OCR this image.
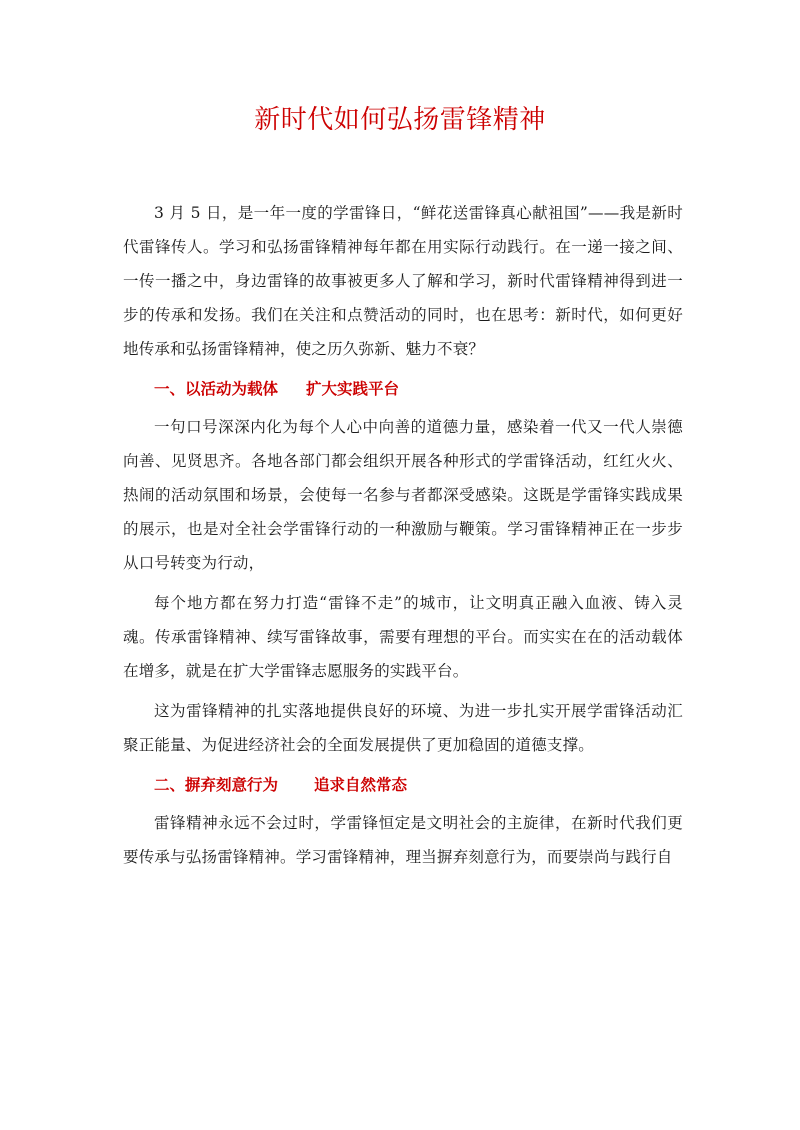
新时代如何弘扬雷锋精神

3 月 5 日，是一年一度的学雷锋日，“鲜花送雷锋真心献祖国”——我是新时代雷锋传人。学习和弘扬雷锋精神每年都在用实际行动践行。在一递一接之间、一传一播之中，身边雷锋的故事被更多人了解和学习，新时代雷锋精神得到进一步的传承和发扬。我们在关注和点赞活动的同时，也在思考：新时代，如何更好地传承和弘扬雷锋精神，使之历久弥新、魅力不衰？

一、以活动为载体 扩大实践平台

一句口号深深内化为每个人心中向善的道德力量，感染着一代又一代人崇德向善、见贤思齐。各地各部门都会组织开展各种形式的学雷锋活动，红红火火、热闹的活动氛围和场景，会使每一名参与者都深受感染。这既是学雷锋实践成果的展示，也是对全社会学雷锋行动的一种激励与鞭策。学习雷锋精神正在一步步从口号转变为行动，

每个地方都在努力打造“雷锋不走”的城市，让文明真正融入血液、铸入灵魂。传承雷锋精神、续写雷锋故事，需要有理想的平台。而实实在在的活动载体在增多，就是在扩大学雷锋志愿服务的实践平台。

这为雷锋精神的扎实落地提供良好的环境、为进一步扎实开展学雷锋活动汇聚正能量、为促进经济社会的全面发展提供了更加稳固的道德支撑。

二、摒弃刻意行为 追求自然常态

雷锋精神永远不会过时，学雷锋恒定是文明社会的主旋律，在新时代我们更要传承与弘扬雷锋精神。学习雷锋精神，理当摒弃刻意行为，而要崇尚与践行自
